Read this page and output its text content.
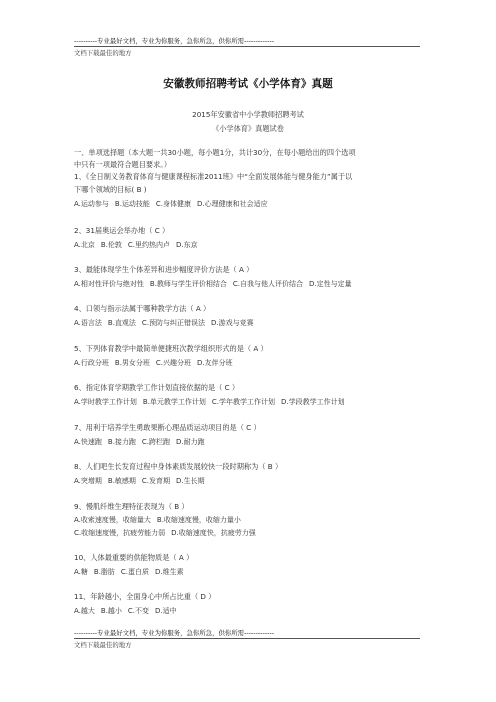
----------专业最好文档，专业为你服务，急你所急，供你所需-------------
文档下载最佳的地方
安徽教师招聘考试《小学体育》真题
2015年安徽省中小学教师招聘考试
《小学体育》真题试卷
一、单项选择题（本大题一共30小题，每小题1分，共计30分，在每小题给出的四个选项
中只有一项最符合题目要求。）
1、《全日制义务教育体育与健康课程标准2011班》中“全面发展体能与健身能力”属于以
下哪个领域的目标( B )
A.运动参与 B.运动技能 C.身体健康 D.心理健康和社会适应
2、31届奥运会举办地（ C ）
A.北京 B.伦敦 C.里约热内卢 D.东京
3、最能体现学生个体差异和进步幅度评价方法是（ A ）
A.相对性评价与绝对性 B.教师与学生评价相结合 C.自我与他人评价结合 D.定性与定量
4、口领与指示法属于哪种教学方法（ A ）
A.语言法 B.直观法 C.预防与纠正错误法 D.游戏与竞赛
5、下列体育教学中最简单便捷班次教学组织形式的是（ A ）
A.行政分班 B.男女分班 C.兴趣分班 D.友伴分班
6、指定体育学期教学工作计划直接依据的是（ C ）
A.学时教学工作计划 B.单元教学工作计划 C.学年教学工作计划 D.学段教学工作计划
7、用利于培养学生勇敢果断心理品质运动项目的是（ C ）
A.快速跑 B.接力跑 C.跨栏跑 D.耐力跑
8、人们吧生长发育过程中身体素质发展较快一段时期称为（ B ）
A.突增期 B.敏感期 C.发育期 D.生长期
9、慢肌纤维生理特征表现为（ B ）
A.收索速度慢，收缩量大 B.收缩速度慢，收缩力量小
C.收缩速度慢，抗疲劳能力弱 D.收缩速度快，抗疲劳力强
10、人体最重要的供能物质是（ A ）
A.糖 B.脂肪 C.蛋白质 D.维生素
11、年龄越小，全面身心中所占比重（ D ）
A.越大 B.越小 C.不变 D.适中
----------专业最好文档，专业为你服务，急你所急，供你所需-------------
文档下载最佳的地方
